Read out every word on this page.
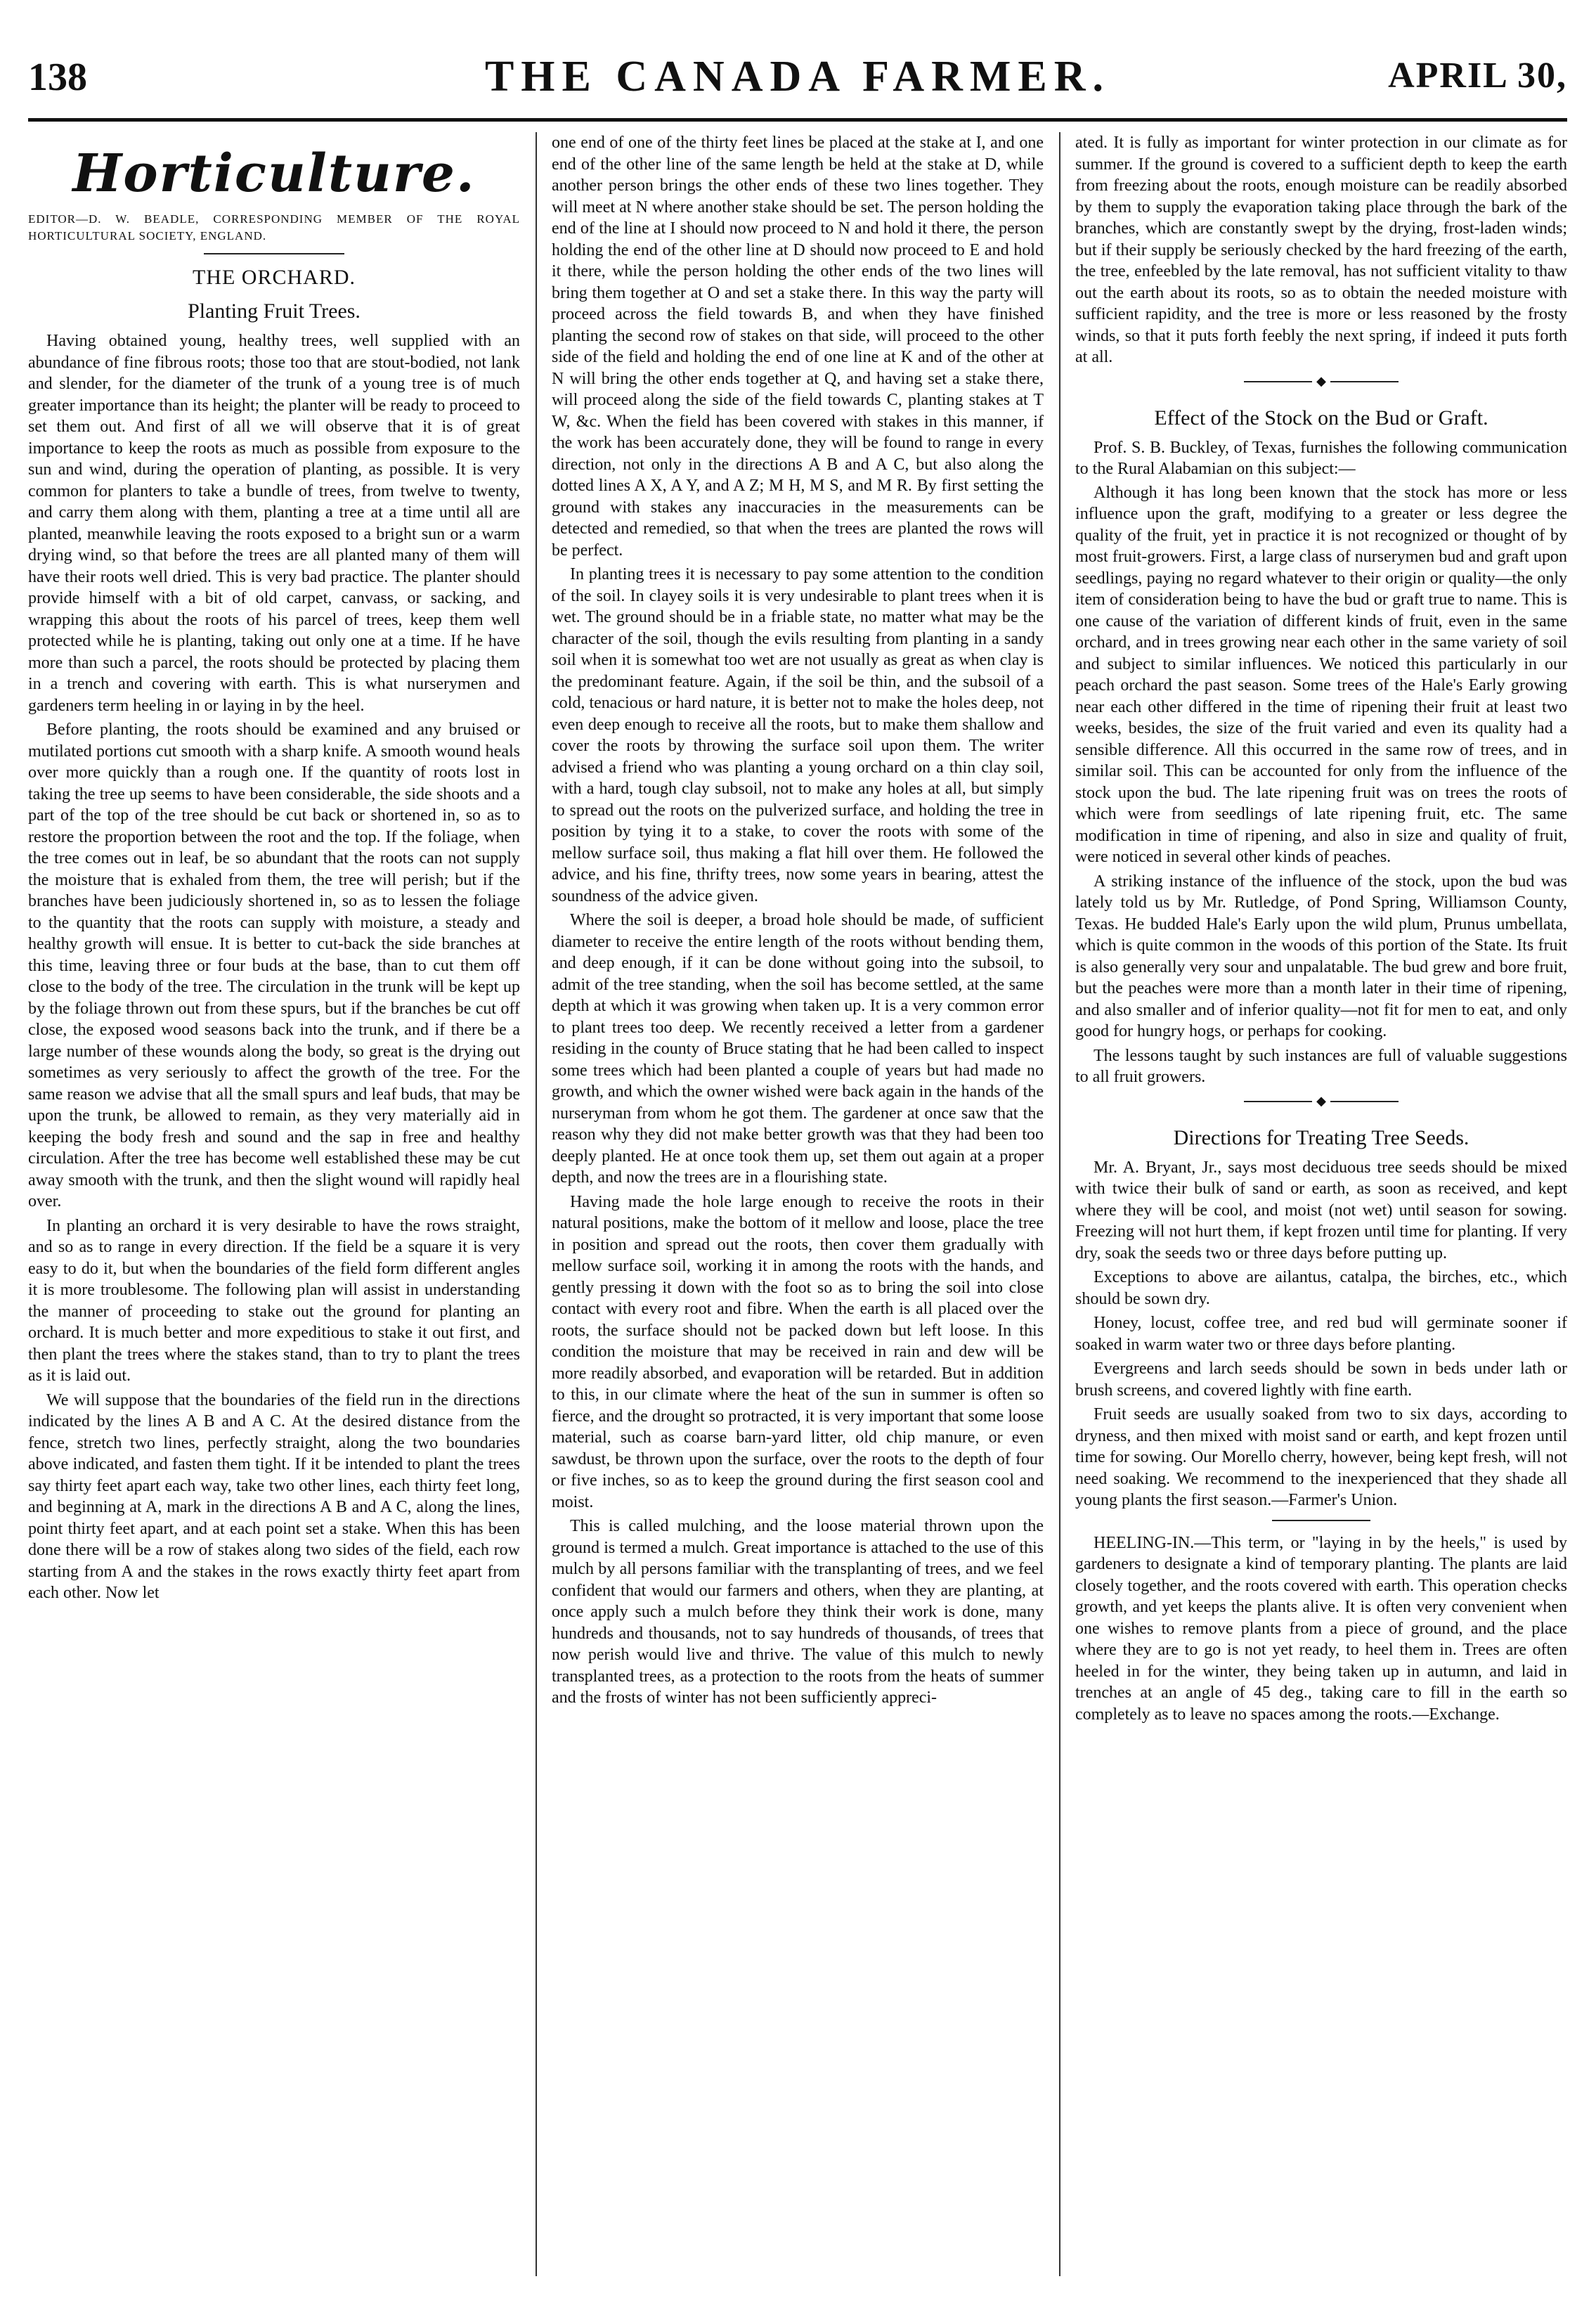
138	THE CANADA FARMER.	APRIL 30,
Horticulture.

EDITOR—D. W. BEADLE, CORRESPONDING MEMBER OF THE ROYAL HORTICULTURAL SOCIETY, ENGLAND.

THE ORCHARD.
Planting Fruit Trees.

Having obtained young, healthy trees, well supplied with an abundance of fine fibrous roots; those too that are stout-bodied, not lank and slender, for the diameter of the trunk of a young tree is of much greater importance than its height; the planter will be ready to proceed to set them out. And first of all we will observe that it is of great importance to keep the roots as much as possible from exposure to the sun and wind, during the operation of planting, as possible. It is very common for planters to take a bundle of trees, from twelve to twenty, and carry them along with them, planting a tree at a time until all are planted, meanwhile leaving the roots exposed to a bright sun or a warm drying wind, so that before the trees are all planted many of them will have their roots well dried. This is very bad practice. The planter should provide himself with a bit of old carpet, canvass, or sacking, and wrapping this about the roots of his parcel of trees, keep them well protected while he is planting, taking out only one at a time. If he have more than such a parcel, the roots should be protected by placing them in a trench and covering with earth. This is what nurserymen and gardeners term heeling in or laying in by the heel.

Before planting, the roots should be examined and any bruised or mutilated portions cut smooth with a sharp knife. A smooth wound heals over more quickly than a rough one. If the quantity of roots lost in taking the tree up seems to have been considerable, the side shoots and a part of the top of the tree should be cut back or shortened in, so as to restore the proportion between the root and the top. If the foliage, when the tree comes out in leaf, be so abundant that the roots can not supply the moisture that is exhaled from them, the tree will perish; but if the branches have been judiciously shortened in, so as to lessen the foliage to the quantity that the roots can supply with moisture, a steady and healthy growth will ensue. It is better to cut-back the side branches at this time, leaving three or four buds at the base, than to cut them off close to the body of the tree. The circulation in the trunk will be kept up by the foliage thrown out from these spurs, but if the branches be cut off close, the exposed wood seasons back into the trunk, and if there be a large number of these wounds along the body, so great is the drying out sometimes as very seriously to affect the growth of the tree. For the same reason we advise that all the small spurs and leaf buds, that may be upon the trunk, be allowed to remain, as they very materially aid in keeping the body fresh and sound and the sap in free and healthy circulation. After the tree has become well established these may be cut away smooth with the trunk, and then the slight wound will rapidly heal over.

In planting an orchard it is very desirable to have the rows straight, and so as to range in every direction. If the field be a square it is very easy to do it, but when the boundaries of the field form different angles it is more troublesome. The following plan will assist in understanding the manner of proceeding to stake out the ground for planting an orchard. It is much better and more expeditious to stake it out first, and then plant the trees where the stakes stand, than to try to plant the trees as it is laid out.

We will suppose that the boundaries of the field run in the directions indicated by the lines A B and A C. At the desired distance from the fence, stretch two lines, perfectly straight, along the two boundaries above indicated, and fasten them tight. If it be intended to plant the trees say thirty feet apart each way, take two other lines, each thirty feet long, and beginning at A, mark in the directions A B and A C, along the lines, point thirty feet apart, and at each point set a stake. When this has been done there will be a row of stakes along two sides of the field, each row starting from A and the stakes in the rows exactly thirty feet apart from each other. Now let

one end of one of the thirty feet lines be placed at the stake at I, and one end of the other line of the same length be held at the stake at D, while another person brings the other ends of these two lines together. They will meet at N where another stake should be set. The person holding the end of the line at I should now proceed to N and hold it there, the person holding the end of the other line at D should now proceed to E and hold it there, while the person holding the other ends of the two lines will bring them together at O and set a stake there. In this way the party will proceed across the field towards B, and when they have finished planting the second row of stakes on that side, will proceed to the other side of the field and holding the end of one line at K and of the other at N will bring the other ends together at Q, and having set a stake there, will proceed along the side of the field towards C, planting stakes at T W, &c. When the field has been covered with stakes in this manner, if the work has been accurately done, they will be found to range in every direction, not only in the directions A B and A C, but also along the dotted lines A X, A Y, and A Z; M H, M S, and M R. By first setting the ground with stakes any inaccuracies in the measurements can be detected and remedied, so that when the trees are planted the rows will be perfect.

In planting trees it is necessary to pay some attention to the condition of the soil. In clayey soils it is very undesirable to plant trees when it is wet. The ground should be in a friable state, no matter what may be the character of the soil, though the evils resulting from planting in a sandy soil when it is somewhat too wet are not usually as great as when clay is the predominant feature. Again, if the soil be thin, and the subsoil of a cold, tenacious or hard nature, it is better not to make the holes deep, not even deep enough to receive all the roots, but to make them shallow and cover the roots by throwing the surface soil upon them. The writer advised a friend who was planting a young orchard on a thin clay soil, with a hard, tough clay subsoil, not to make any holes at all, but simply to spread out the roots on the pulverized surface, and holding the tree in position by tying it to a stake, to cover the roots with some of the mellow surface soil, thus making a flat hill over them. He followed the advice, and his fine, thrifty trees, now some years in bearing, attest the soundness of the advice given.

Where the soil is deeper, a broad hole should be made, of sufficient diameter to receive the entire length of the roots without bending them, and deep enough, if it can be done without going into the subsoil, to admit of the tree standing, when the soil has become settled, at the same depth at which it was growing when taken up. It is a very common error to plant trees too deep. We recently received a letter from a gardener residing in the county of Bruce stating that he had been called to inspect some trees which had been planted a couple of years but had made no growth, and which the owner wished were back again in the hands of the nurseryman from whom he got them. The gardener at once saw that the reason why they did not make better growth was that they had been too deeply planted. He at once took them up, set them out again at a proper depth, and now the trees are in a flourishing state.

Having made the hole large enough to receive the roots in their natural positions, make the bottom of it mellow and loose, place the tree in position and spread out the roots, then cover them gradually with mellow surface soil, working it in among the roots with the hands, and gently pressing it down with the foot so as to bring the soil into close contact with every root and fibre. When the earth is all placed over the roots, the surface should not be packed down but left loose. In this condition the moisture that may be received in rain and dew will be more readily absorbed, and evaporation will be retarded. But in addition to this, in our climate where the heat of the sun in summer is often so fierce, and the drought so protracted, it is very important that some loose material, such as coarse barn-yard litter, old chip manure, or even sawdust, be thrown upon the surface, over the roots to the depth of four or five inches, so as to keep the ground during the first season cool and moist.

This is called mulching, and the loose material thrown upon the ground is termed a mulch. Great importance is attached to the use of this mulch by all persons familiar with the transplanting of trees, and we feel confident that would our farmers and others, when they are planting, at once apply such a mulch before they think their work is done, many hundreds and thousands, not to say hundreds of thousands, of trees that now perish would live and thrive. The value of this mulch to newly transplanted trees, as a protection to the roots from the heats of summer and the frosts of winter has not been sufficiently appreci-

ated. It is fully as important for winter protection in our climate as for summer. If the ground is covered to a sufficient depth to keep the earth from freezing about the roots, enough moisture can be readily absorbed by them to supply the evaporation taking place through the bark of the branches, which are constantly swept by the drying, frost-laden winds; but if their supply be seriously checked by the hard freezing of the earth, the tree, enfeebled by the late removal, has not sufficient vitality to thaw out the earth about its roots, so as to obtain the needed moisture with sufficient rapidity, and the tree is more or less reasoned by the frosty winds, so that it puts forth feebly the next spring, if indeed it puts forth at all.

◆
Effect of the Stock on the Bud or Graft.

Prof. S. B. Buckley, of Texas, furnishes the following communication to the Rural Alabamian on this subject:—

Although it has long been known that the stock has more or less influence upon the graft, modifying to a greater or less degree the quality of the fruit, yet in practice it is not recognized or thought of by most fruit-growers. First, a large class of nurserymen bud and graft upon seedlings, paying no regard whatever to their origin or quality—the only item of consideration being to have the bud or graft true to name. This is one cause of the variation of different kinds of fruit, even in the same orchard, and in trees growing near each other in the same variety of soil and subject to similar influences. We noticed this particularly in our peach orchard the past season. Some trees of the Hale's Early growing near each other differed in the time of ripening their fruit at least two weeks, besides, the size of the fruit varied and even its quality had a sensible difference. All this occurred in the same row of trees, and in similar soil. This can be accounted for only from the influence of the stock upon the bud. The late ripening fruit was on trees the roots of which were from seedlings of late ripening fruit, etc. The same modification in time of ripening, and also in size and quality of fruit, were noticed in several other kinds of peaches.

A striking instance of the influence of the stock, upon the bud was lately told us by Mr. Rutledge, of Pond Spring, Williamson County, Texas. He budded Hale's Early upon the wild plum, Prunus umbellata, which is quite common in the woods of this portion of the State. Its fruit is also generally very sour and unpalatable. The bud grew and bore fruit, but the peaches were more than a month later in their time of ripening, and also smaller and of inferior quality—not fit for men to eat, and only good for hungry hogs, or perhaps for cooking.

The lessons taught by such instances are full of valuable suggestions to all fruit growers.

◆
Directions for Treating Tree Seeds.

Mr. A. Bryant, Jr., says most deciduous tree seeds should be mixed with twice their bulk of sand or earth, as soon as received, and kept where they will be cool, and moist (not wet) until season for sowing. Freezing will not hurt them, if kept frozen until time for planting. If very dry, soak the seeds two or three days before putting up.

Exceptions to above are ailantus, catalpa, the birches, etc., which should be sown dry.

Honey, locust, coffee tree, and red bud will germinate sooner if soaked in warm water two or three days before planting.

Evergreens and larch seeds should be sown in beds under lath or brush screens, and covered lightly with fine earth.

Fruit seeds are usually soaked from two to six days, according to dryness, and then mixed with moist sand or earth, and kept frozen until time for sowing. Our Morello cherry, however, being kept fresh, will not need soaking. We recommend to the inexperienced that they shade all young plants the first season.—Farmer's Union.

HEELING-IN.—This term, or "laying in by the heels," is used by gardeners to designate a kind of temporary planting. The plants are laid closely together, and the roots covered with earth. This operation checks growth, and yet keeps the plants alive. It is often very convenient when one wishes to remove plants from a piece of ground, and the place where they are to go is not yet ready, to heel them in. Trees are often heeled in for the winter, they being taken up in autumn, and laid in trenches at an angle of 45 deg., taking care to fill in the earth so completely as to leave no spaces among the roots.—Exchange.
